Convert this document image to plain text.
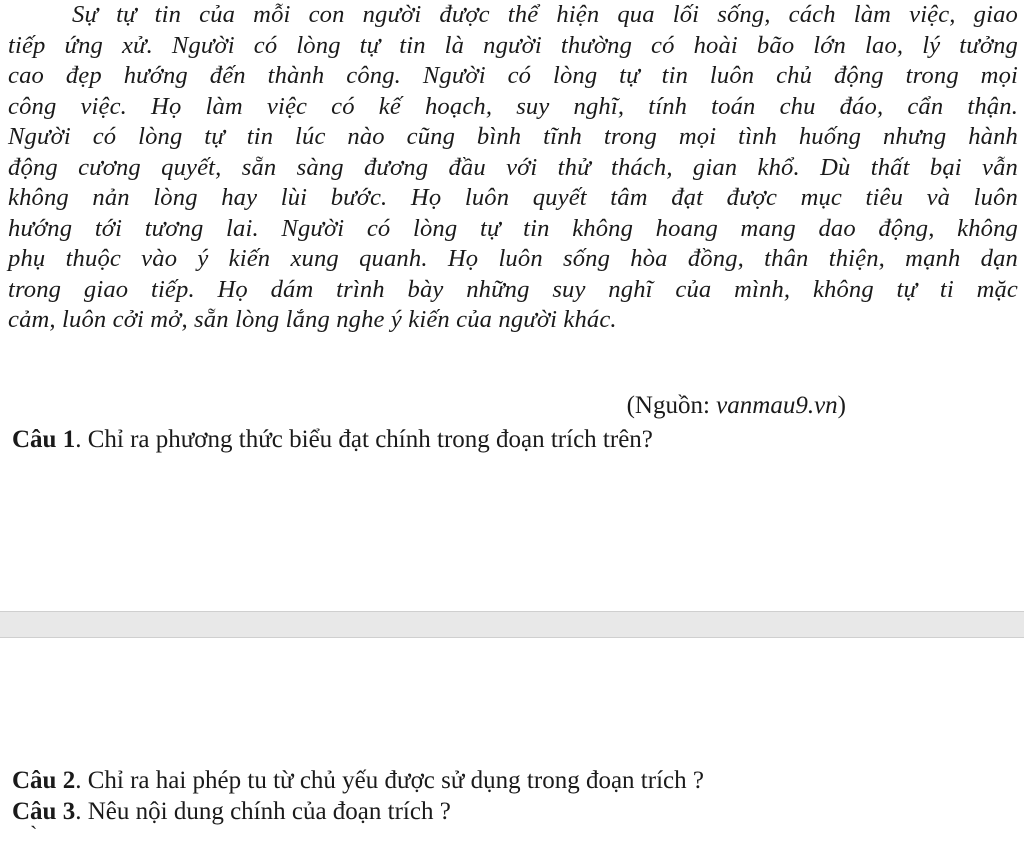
Sự tự tin của mỗi con người được thể hiện qua lối sống, cách làm việc, giao
tiếp ứng xử. Người có lòng tự tin là người thường có hoài bão lớn lao, lý tưởng
cao đẹp hướng đến thành công. Người có lòng tự tin luôn chủ động trong mọi
công việc. Họ làm việc có kế hoạch, suy nghĩ, tính toán chu đáo, cẩn thận.
Người có lòng tự tin lúc nào cũng bình tĩnh trong mọi tình huống nhưng hành
động cương quyết, sẵn sàng đương đầu với thử thách, gian khổ. Dù thất bại vẫn
không nản lòng hay lùi bước. Họ luôn quyết tâm đạt được mục tiêu và luôn
hướng tới tương lai. Người có lòng tự tin không hoang mang dao động, không
phụ thuộc vào ý kiến xung quanh. Họ luôn sống hòa đồng, thân thiện, mạnh dạn
trong giao tiếp. Họ dám trình bày những suy nghĩ của mình, không tự ti mặc
cảm, luôn cởi mở, sẵn lòng lắng nghe ý kiến của người khác.
(Nguồn: vanmau9.vn)
Câu 1. Chỉ ra phương thức biểu đạt chính trong đoạn trích trên?
Câu 2. Chỉ ra hai phép tu từ chủ yếu được sử dụng trong đoạn trích ?
Câu 3. Nêu nội dung chính của đoạn trích ?
`
